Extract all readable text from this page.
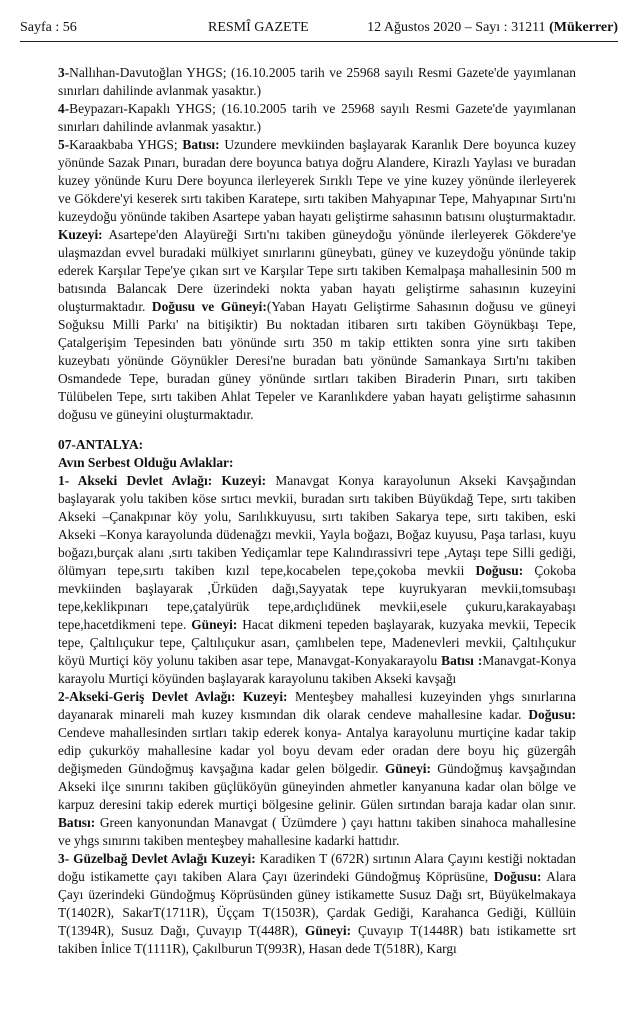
Sayfa : 56	RESMÎ GAZETE	12 Ağustos 2020 – Sayı : 31211 (Mükerrer)

3-Nallıhan-Davutoğlan YHGS; (16.10.2005 tarih ve 25968 sayılı Resmi Gazete'de yayımlanan sınırları dahilinde avlanmak yasaktır.)

4-Beypazarı-Kapaklı YHGS; (16.10.2005 tarih ve 25968 sayılı Resmi Gazete'de yayımlanan sınırları dahilinde avlanmak yasaktır.)

5-Karaakbaba YHGS; Batısı: Uzundere mevkiinden başlayarak Karanlık Dere boyunca kuzey yönünde Sazak Pınarı, buradan dere boyunca batıya doğru Alandere, Kirazlı Yaylası ve buradan kuzey yönünde Kuru Dere boyunca ilerleyerek Sırıklı Tepe ve yine kuzey yönünde ilerleyerek ve Gökdere'yi keserek sırtı takiben Karatepe, sırtı takiben Mahyapınar Tepe, Mahyapınar Sırtı'nı kuzeydoğu yönünde takiben Asartepe yaban hayatı geliştirme sahasının batısını oluşturmaktadır. Kuzeyi: Asartepe'den Alayüreği Sırtı'nı takiben güneydoğu yönünde ilerleyerek Gökdere'ye ulaşmazdan evvel buradaki mülkiyet sınırlarını güneybatı, güney ve kuzeydoğu yönünde takip ederek Karşılar Tepe'ye çıkan sırt ve Karşılar Tepe sırtı takiben Kemalpaşa mahallesinin 500 m batısında Balancak Dere üzerindeki nokta yaban hayatı geliştirme sahasının kuzeyini oluşturmaktadır. Doğusu ve Güneyi:(Yaban Hayatı Geliştirme Sahasının doğusu ve güneyi Soğuksu Milli Parkı' na bitişiktir) Bu noktadan itibaren sırtı takiben Göynükbaşı Tepe, Çatalgerişim Tepesinden batı yönünde sırtı 350 m takip ettikten sonra yine sırtı takiben kuzeybatı yönünde Göynükler Deresi'ne buradan batı yönünde Samankaya Sırtı'nı takiben Osmandede Tepe, buradan güney yönünde sırtları takiben Biraderin Pınarı, sırtı takiben Tülübelen Tepe, sırtı takiben Ahlat Tepeler ve Karanlıkdere yaban hayatı geliştirme sahasının doğusu ve güneyini oluşturmaktadır.

07-ANTALYA:

Avın Serbest Olduğu Avlaklar:

1- Akseki Devlet Avlağı: Kuzeyi: Manavgat Konya karayolunun Akseki Kavşağından başlayarak yolu takiben köse sırtıcı mevkii, buradan sırtı takiben Büyükdağ Tepe, sırtı takiben Akseki –Çanakpınar köy yolu, Sarılıkkuyusu, sırtı takiben Sakarya tepe, sırtı takiben, eski Akseki –Konya karayolunda düdenağzı mevkii, Yayla boğazı, Boğaz kuyusu, Paşa tarlası, kuyu boğazı,burçak alanı ,sırtı takiben Yediçamlar tepe Kalındırassivri tepe ,Aytaşı tepe Silli gediği, ölümyarı tepe,sırtı takiben kızıl tepe,kocabelen tepe,çokoba mevkii Doğusu: Çokoba mevkiinden başlayarak ,Ürküden dağı,Sayyatak tepe kuyrukyaran mevkii,tomsubaşı tepe,keklikpınarı tepe,çatalyürük tepe,ardıçlıdünek mevkii,esele çukuru,karakayabaşı tepe,hacetdikmeni tepe. Güneyi: Hacat dikmeni tepeden başlayarak, kuzyaka mevkii, Tepecik tepe, Çaltılıçukur tepe, Çaltılıçukur asarı, çamlıbelen tepe, Madenevleri mevkii, Çaltılıçukur köyü Murtiçi köy yolunu takiben asar tepe, Manavgat-Konyakarayolu Batısı :Manavgat-Konya karayolu Murtiçi köyünden başlayarak karayolunu takiben Akseki kavşağı

2-Akseki-Geriş Devlet Avlağı: Kuzeyi: Menteşbey mahallesi kuzeyinden yhgs sınırlarına dayanarak minareli mah kuzey kısmından dik olarak cendeve mahallesine kadar. Doğusu: Cendeve mahallesinden sırtları takip ederek konya- Antalya karayolunu murtiçine kadar takip edip çukurköy mahallesine kadar yol boyu devam eder oradan dere boyu hiç güzergâh değişmeden Gündoğmuş kavşağına kadar gelen bölgedir. Güneyi: Gündoğmuş kavşağından Akseki ilçe sınırını takiben güçlüköyün güneyinden ahmetler kanyanuna kadar olan bölge ve karpuz deresini takip ederek murtiçi bölgesine gelinir. Gülen sırtından baraja kadar olan sınır. Batısı: Green kanyonundan Manavgat ( Üzümdere ) çayı hattını takiben sinahoca mahallesine ve yhgs sınırını takiben menteşbey mahallesine kadarki hattıdır.

3- Güzelbağ Devlet Avlağı Kuzeyi: Karadiken T (672R) sırtının Alara Çayını kestiği noktadan doğu istikamette çayı takiben Alara Çayı üzerindeki Gündoğmuş Köprüsüne, Doğusu: Alara Çayı üzerindeki Gündoğmuş Köprüsünden güney istikamette Susuz Dağı srt, Büyükelmakaya T(1402R), SakarT(1711R), Üççam T(1503R), Çardak Gediği, Karahanca Gediği, Küllüin T(1394R), Susuz Dağı, Çuvayıp T(448R), Güneyi: Çuvayıp T(1448R) batı istikamette srt takiben İnlice T(1111R), Çakılburun T(993R), Hasan dede T(518R), Kargı
